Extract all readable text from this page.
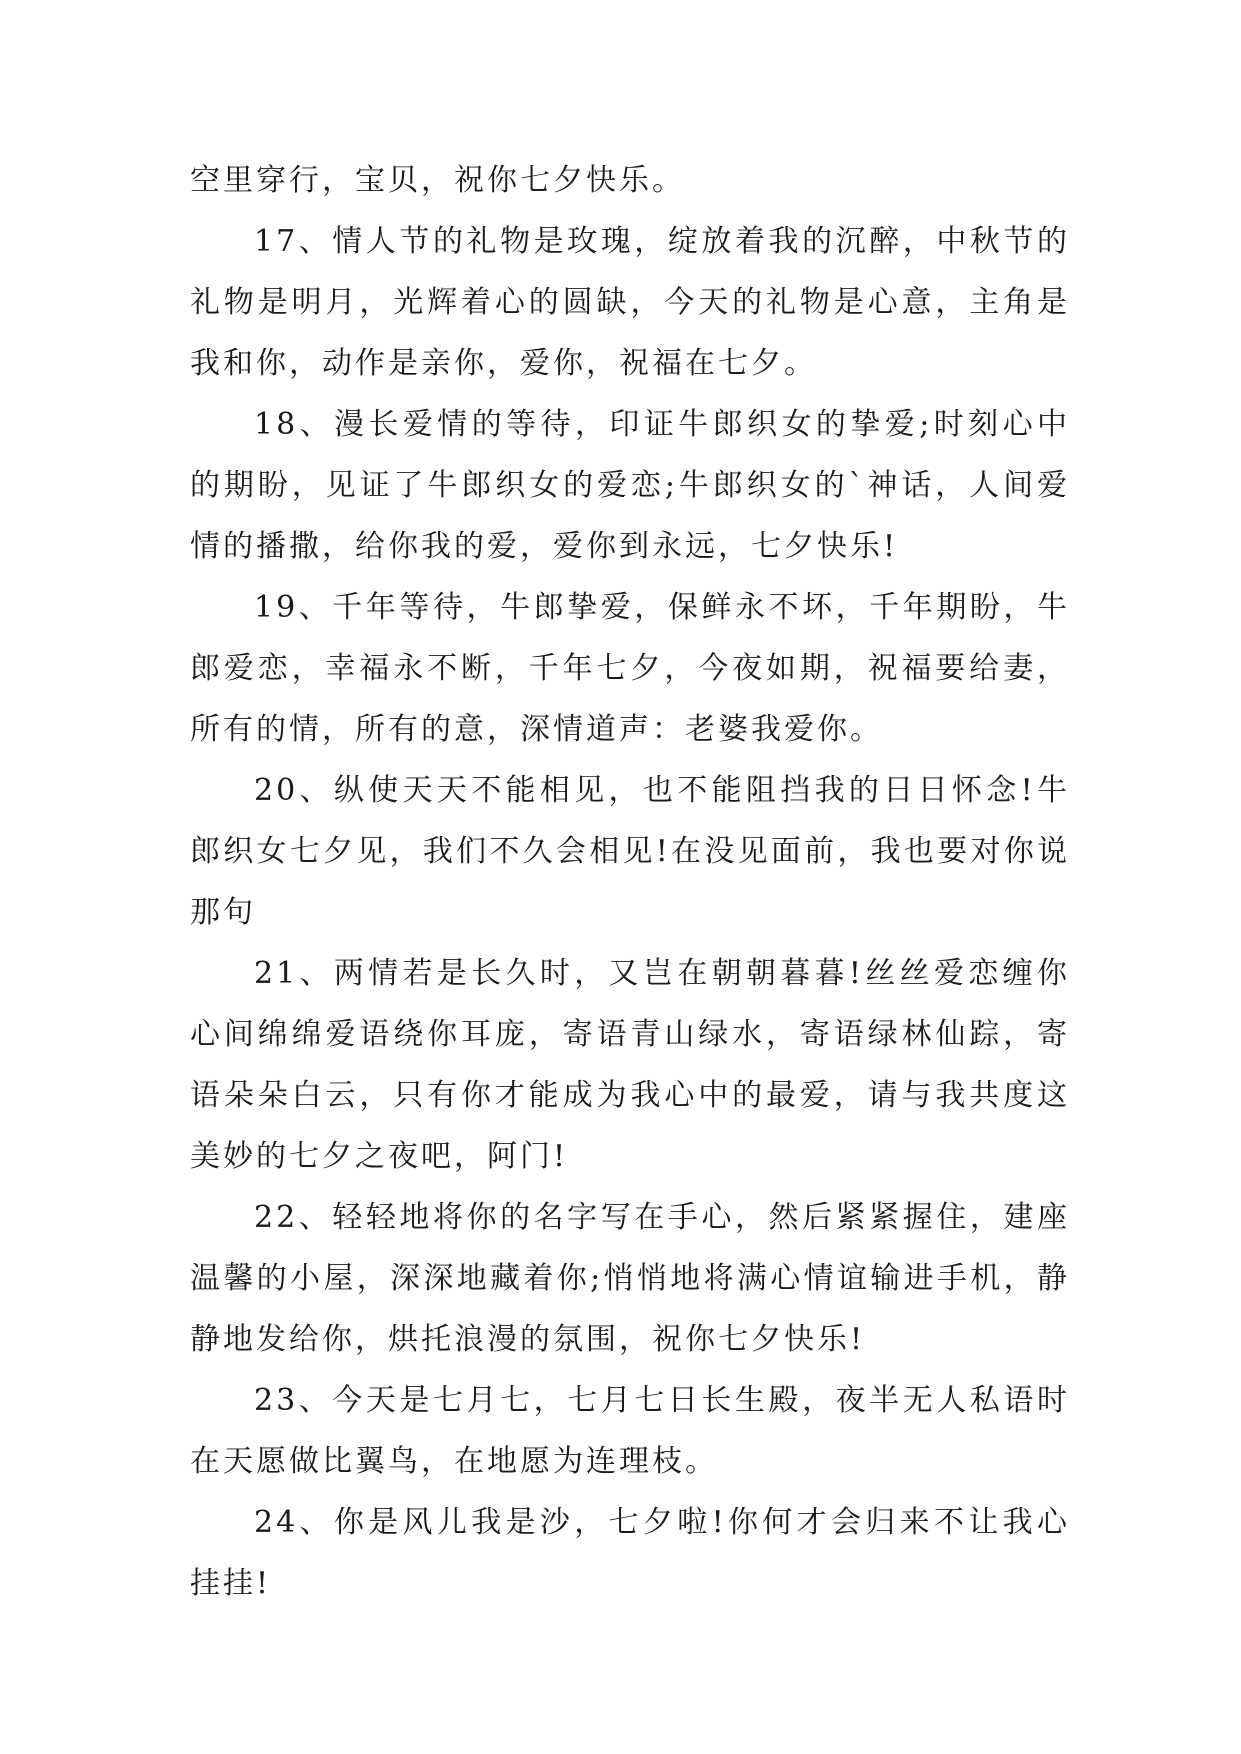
空里穿行，宝贝，祝你七夕快乐。

17、情人节的礼物是玫瑰，绽放着我的沉醉，中秋节的礼物是明月，光辉着心的圆缺，今天的礼物是心意，主角是我和你，动作是亲你，爱你，祝福在七夕。

18、漫长爱情的等待，印证牛郎织女的挚爱;时刻心中的期盼，见证了牛郎织女的爱恋;牛郎织女的`神话，人间爱情的播撒，给你我的爱，爱你到永远，七夕快乐!

19、千年等待，牛郎挚爱，保鲜永不坏，千年期盼，牛郎爱恋，幸福永不断，千年七夕，今夜如期，祝福要给妻，所有的情，所有的意，深情道声：老婆我爱你。

20、纵使天天不能相见，也不能阻挡我的日日怀念!牛郎织女七夕见，我们不久会相见!在没见面前，我也要对你说那句

21、两情若是长久时，又岂在朝朝暮暮!丝丝爱恋缠你心间绵绵爱语绕你耳庞，寄语青山绿水，寄语绿林仙踪，寄语朵朵白云，只有你才能成为我心中的最爱，请与我共度这美妙的七夕之夜吧，阿门!

22、轻轻地将你的名字写在手心，然后紧紧握住，建座温馨的小屋，深深地藏着你;悄悄地将满心情谊输进手机，静静地发给你，烘托浪漫的氛围，祝你七夕快乐!

23、今天是七月七，七月七日长生殿，夜半无人私语时在天愿做比翼鸟，在地愿为连理枝。

24、你是风儿我是沙，七夕啦!你何才会归来不让我心挂挂!
